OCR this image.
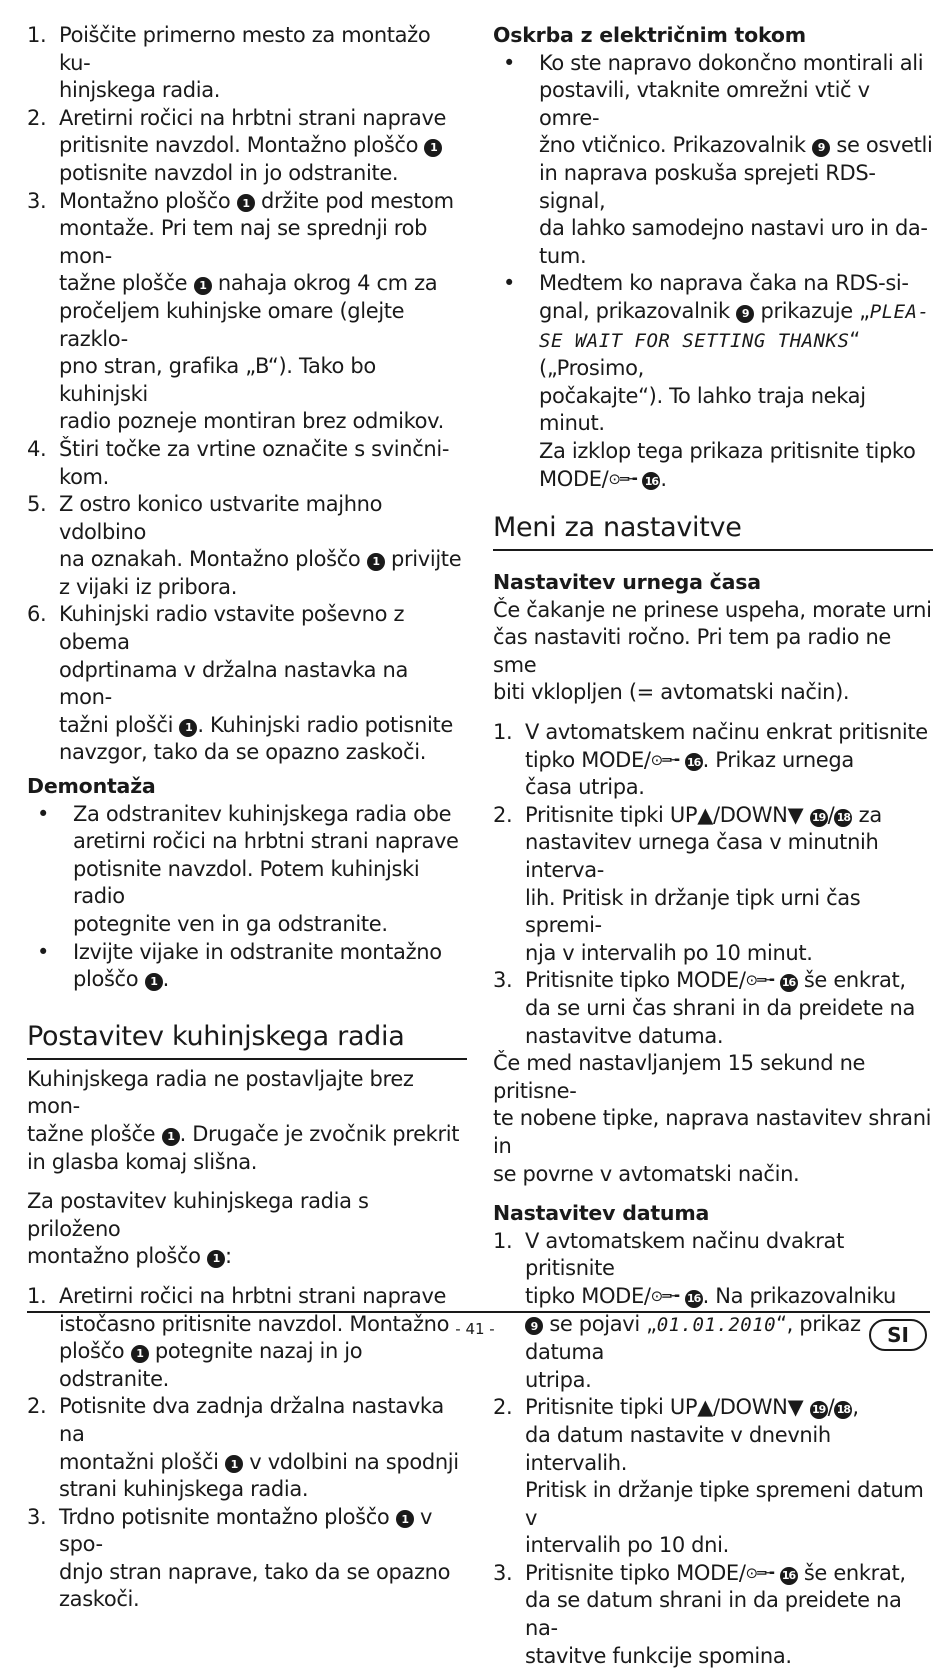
1. Poiščite primerno mesto za montažo ku-
hinjskega radia.
2. Aretirni ročici na hrbtni strani naprave
pritisnite navzdol. Montažno ploščo 1
potisnite navzdol in jo odstranite.
3. Montažno ploščo 1 držite pod mestom
montaže. Pri tem naj se sprednji rob mon-
tažne plošče 1 nahaja okrog 4 cm za
pročeljem kuhinjske omare (glejte razklo-
pno stran, grafika „B“). Tako bo kuhinjski
radio pozneje montiran brez odmikov.
4. Štiri točke za vrtine označite s svinčni-
kom.
5. Z ostro konico ustvarite majhno vdolbino
na oznakah. Montažno ploščo 1 privijte
z vijaki iz pribora.
6. Kuhinjski radio vstavite poševno z obema
odprtinama v držalna nastavka na mon-
tažni plošči 1 . Kuhinjski radio potisnite
navzgor, tako da se opazno zaskoči.
Demontaža
• Za odstranitev kuhinjskega radia obe
aretirni ročici na hrbtni strani naprave
potisnite navzdol. Potem kuhinjski radio
potegnite ven in ga odstranite.
• Izvijte vijake in odstranite montažno
ploščo 1 .
Postavitev kuhinjskega radia

Kuhinjskega radia ne postavljajte brez mon-
tažne plošče 1 . Drugače je zvočnik prekrit
in glasba komaj slišna.

Za postavitev kuhinjskega radia s priloženo
montažno ploščo 1 :

1. Aretirni ročici na hrbtni strani naprave
istočasno pritisnite navzdol. Montažno
ploščo 1 potegnite nazaj in jo odstranite.
2. Potisnite dva zadnja držalna nastavka na
montažni plošči 1 v vdolbini na spodnji
strani kuhinjskega radia.
3. Trdno potisnite montažno ploščo 1 v spo-
dnjo stran naprave, tako da se opazno
zaskoči.
Oskrba z električnim tokom
• Ko ste napravo dokončno montirali ali
postavili, vtaknite omrežni vtič v omre-
žno vtičnico. Prikazovalnik 9 se osvetli
in naprava poskuša sprejeti RDS-signal,
da lahko samodejno nastavi uro in da-
tum.
• Medtem ko naprava čaka na RDS-si-
gnal, prikazovalnik 9 prikazuje „PLEA-
SE WAIT FOR SETTING THANKS“ („Prosimo,
počakajte“). To lahko traja nekaj minut.
Za izklop tega prikaza pritisnite tipko
MODE/⊙═╼ 16 .
Meni za nastavitve
Nastavitev urnega časa

Če čakanje ne prinese uspeha, morate urni
čas nastaviti ročno. Pri tem pa radio ne sme
biti vklopljen (= avtomatski način).

1. V avtomatskem načinu enkrat pritisnite
tipko MODE/⊙═╼ 16 . Prikaz urnega
časa utripa.
2. Pritisnite tipki UP▲/DOWN▼ 19 / 18 za
nastavitev urnega časa v minutnih interva-
lih. Pritisk in držanje tipk urni čas spremi-
nja v intervalih po 10 minut.
3. Pritisnite tipko MODE/⊙═╼ 16 še enkrat,
da se urni čas shrani in da preidete na
nastavitve datuma.

Če med nastavljanjem 15 sekund ne pritisne-
te nobene tipke, naprava nastavitev shrani in
se povrne v avtomatski način.

Nastavitev datuma
1. V avtomatskem načinu dvakrat pritisnite
tipko MODE/⊙═╼ 16 . Na prikazovalniku
9 se pojavi „01.01.2010“, prikaz datuma
utripa.
2. Pritisnite tipki UP▲/DOWN▼ 19 / 18 ,
da datum nastavite v dnevnih intervalih.
Pritisk in držanje tipke spremeni datum v
intervalih po 10 dni.
3. Pritisnite tipko MODE/⊙═╼ 16 še enkrat,
da se datum shrani in da preidete na na-
stavitve funkcije spomina.
- 41 -	SI
